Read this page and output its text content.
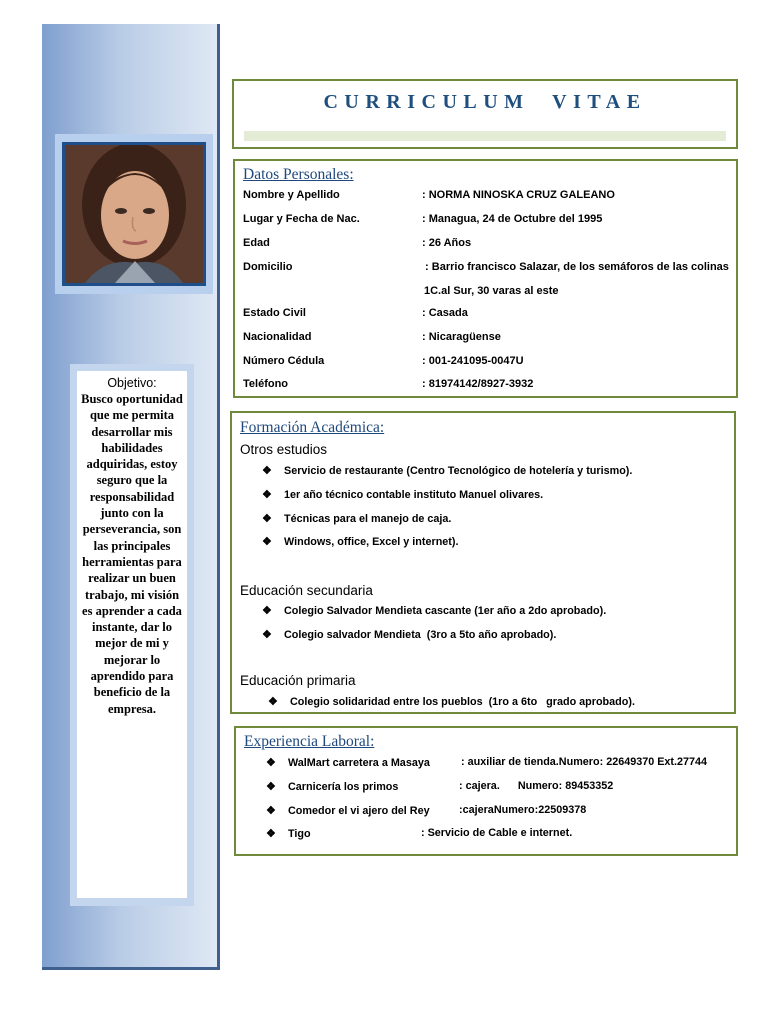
Objetivo:
Busco oportunidad que me permita desarrollar mis habilidades adquiridas, estoy seguro que la responsabilidad junto con la perseverancia, son las principales herramientas para realizar un buen trabajo, mi visión es aprender a cada instante, dar lo mejor de mi y mejorar lo aprendido para beneficio de la empresa.
CURRICULUM  VITAE
Datos Personales:
Nombre y Apellido	: NORMA NINOSKA CRUZ GALEANO
Lugar y Fecha de Nac.	: Managua, 24 de Octubre del 1995
Edad	: 26 Años
Domicilio	: Barrio francisco Salazar, de los semáforos de las colinas
1C.al Sur, 30 varas al este
Estado Civil	: Casada
Nacionalidad	: Nicaragüense
Número Cédula	: 001-241095-0047U
Teléfono	: 81974142/8927-3932
Formación Académica:
Otros estudios
❖ Servicio de restaurante (Centro Tecnológico de hotelería y turismo).
❖ 1er año técnico contable instituto Manuel olivares.
❖ Técnicas para el manejo de caja.
❖ Windows, office, Excel y internet).
Educación secundaria
❖ Colegio Salvador Mendieta cascante (1er año a 2do aprobado).
❖ Colegio salvador Mendieta  (3ro a 5to año aprobado).
Educación primaria
❖ Colegio solidaridad entre los pueblos  (1ro a 6to   grado aprobado).
Experiencia Laboral:
❖ WalMart carretera a Masaya	: auxiliar de tienda.Numero: 22649370 Ext.27744
❖ Carnicería los primos	: cajera.      Numero: 89453352
❖ Comedor el vi ajero del Rey	:cajeraNumero:22509378
❖ Tigo	: Servicio de Cable e internet.
